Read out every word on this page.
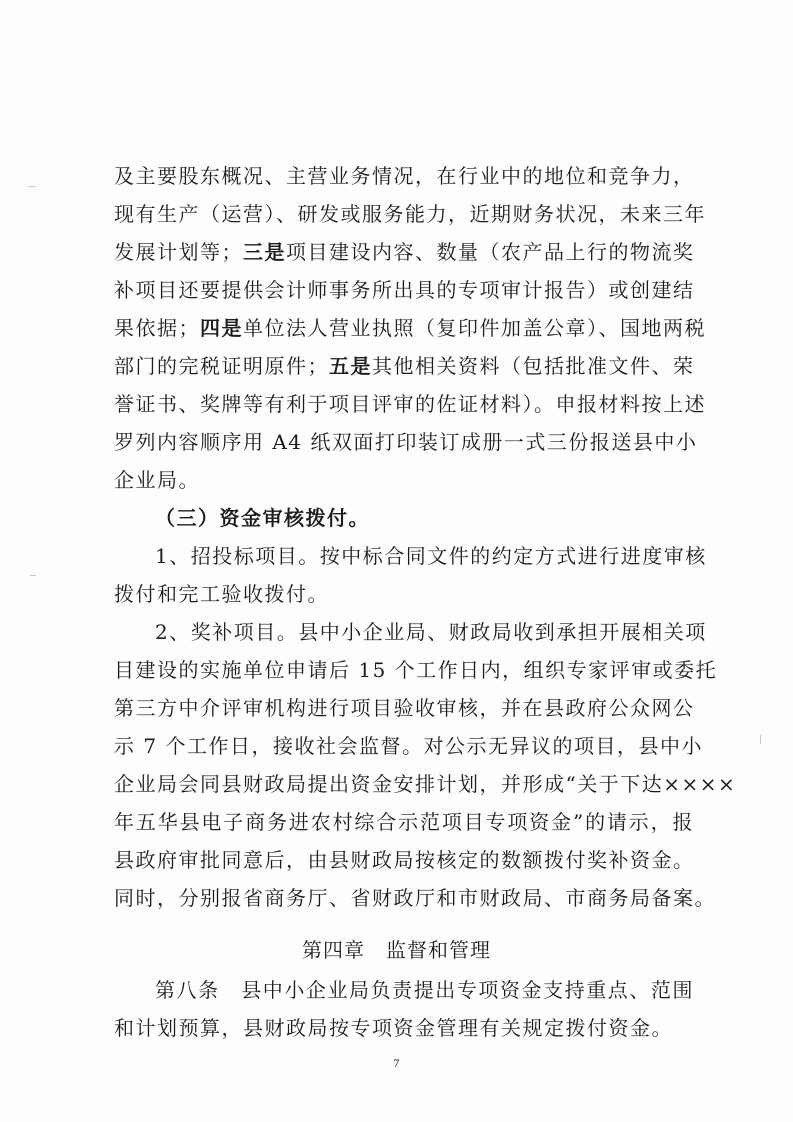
及主要股东概况、主营业务情况，在行业中的地位和竞争力，
现有生产（运营）、研发或服务能力，近期财务状况，未来三年
发展计划等；三是项目建设内容、数量（农产品上行的物流奖
补项目还要提供会计师事务所出具的专项审计报告）或创建结
果依据；四是单位法人营业执照（复印件加盖公章）、国地两税
部门的完税证明原件；五是其他相关资料（包括批准文件、荣
誉证书、奖牌等有利于项目评审的佐证材料）。申报材料按上述
罗列内容顺序用 A4 纸双面打印装订成册一式三份报送县中小
企业局。
（三）资金审核拨付。
1、招投标项目。按中标合同文件的约定方式进行进度审核
拨付和完工验收拨付。
2、奖补项目。县中小企业局、财政局收到承担开展相关项
目建设的实施单位申请后 15 个工作日内，组织专家评审或委托
第三方中介评审机构进行项目验收审核，并在县政府公众网公
示 7 个工作日，接收社会监督。对公示无异议的项目，县中小
企业局会同县财政局提出资金安排计划，并形成“关于下达××××
年五华县电子商务进农村综合示范项目专项资金”的请示，报
县政府审批同意后，由县财政局按核定的数额拨付奖补资金。
同时，分别报省商务厅、省财政厅和市财政局、市商务局备案。
第四章　监督和管理
第八条　县中小企业局负责提出专项资金支持重点、范围
和计划预算，县财政局按专项资金管理有关规定拨付资金。
7
